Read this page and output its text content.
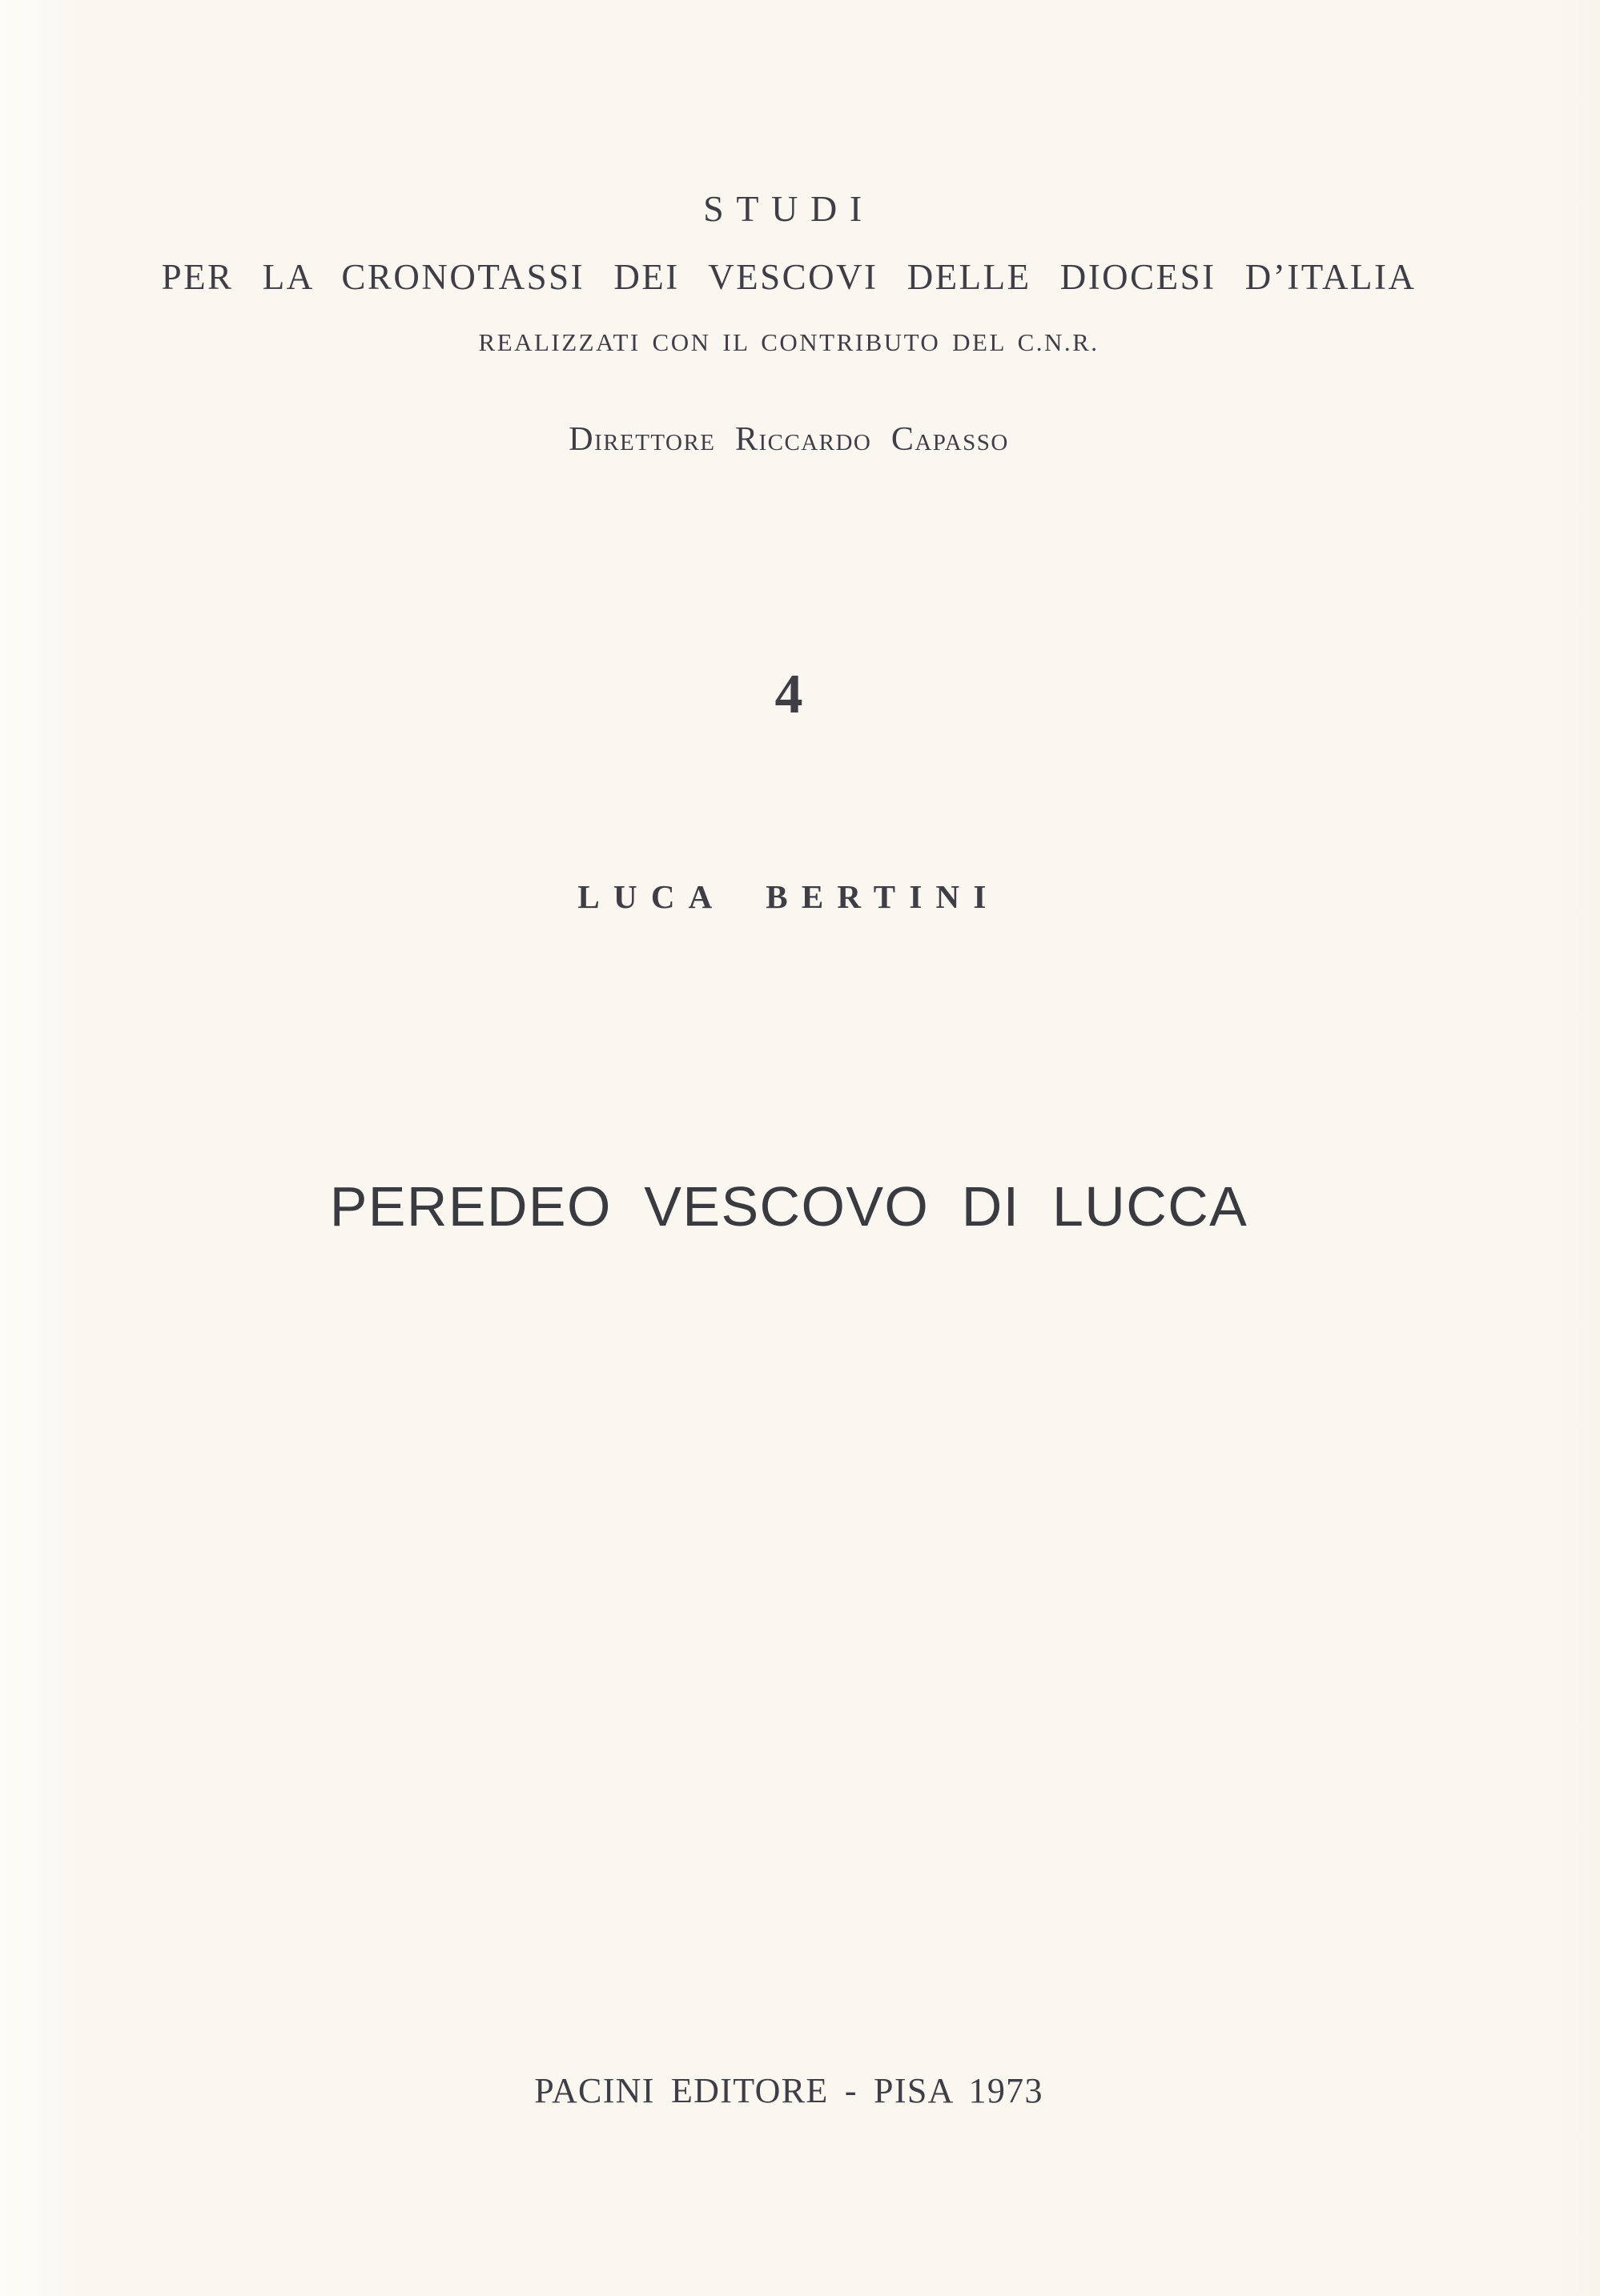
STUDI
PER LA CRONOTASSI DEI VESCOVI DELLE DIOCESI D’ITALIA
REALIZZATI CON IL CONTRIBUTO DEL C.N.R.
Direttore Riccardo Capasso
4
LUCA BERTINI
PEREDEO VESCOVO DI LUCCA
PACINI EDITORE - PISA 1973
